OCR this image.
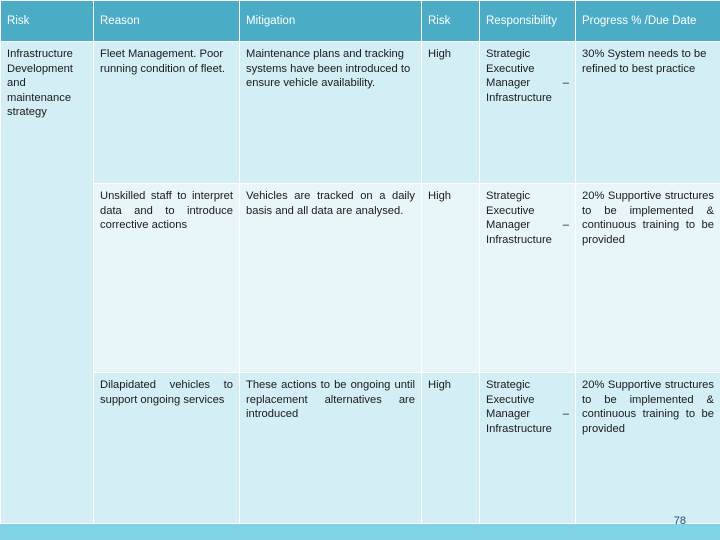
Risk	Reason	Mitigation	Risk	Responsibility	Progress % /Due Date
Infrastructure Development and maintenance strategy	Fleet Management. Poor running condition of fleet.	Maintenance plans and tracking systems have been introduced to ensure vehicle availability.	High	Strategic Executive Manager – Infrastructure	30% System needs to be refined to best practice
	Unskilled staff to interpret data and to introduce corrective actions	Vehicles are tracked on a daily basis and all data are analysed.	High	Strategic Executive Manager – Infrastructure	20% Supportive structures to be implemented & continuous training to be provided
	Dilapidated vehicles to support ongoing services	These actions to be ongoing until replacement alternatives are introduced	High	Strategic Executive Manager – Infrastructure	20% Supportive structures to be implemented & continuous training to be provided
78
